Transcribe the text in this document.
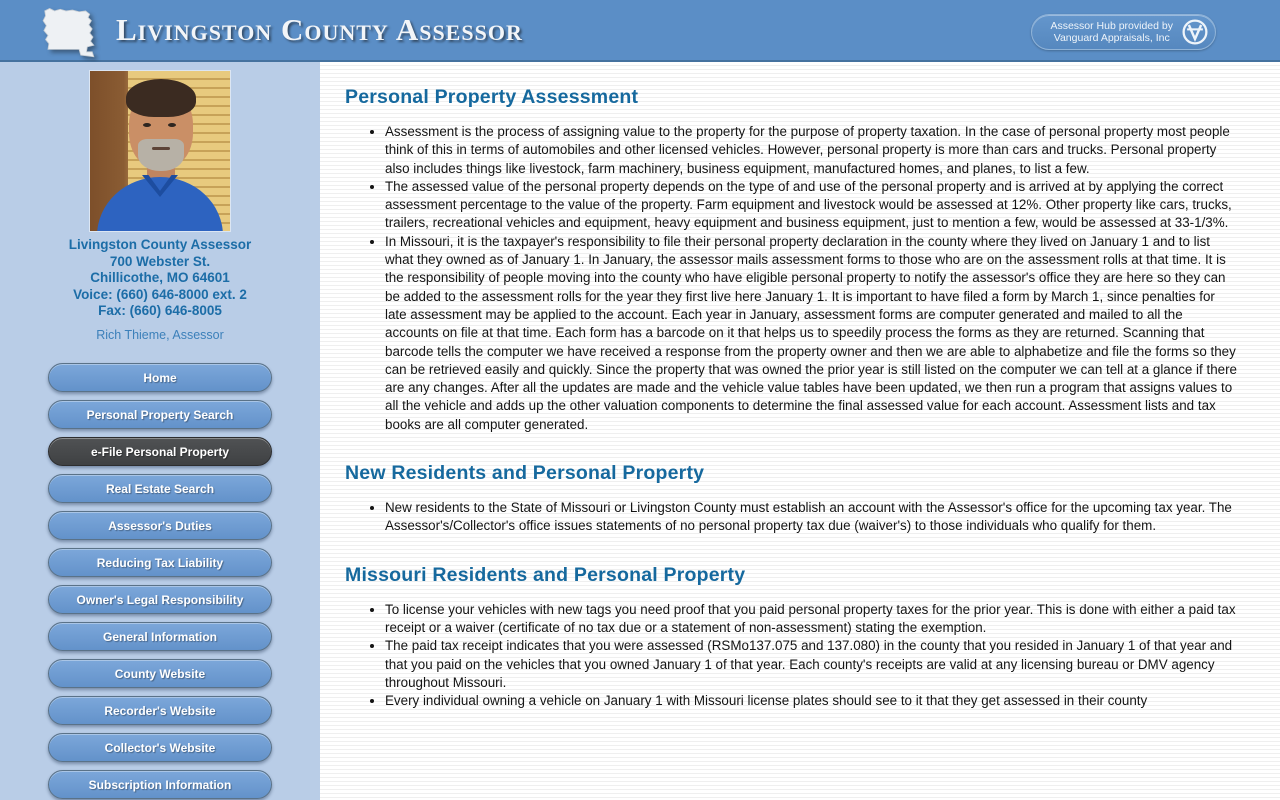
Livingston County Assessor	Assessor Hub provided by
Vanguard Appraisals, Inc
Livingston County Assessor
700 Webster St.
Chillicothe, MO 64601
Voice: (660) 646-8000 ext. 2
Fax: (660) 646-8005
Rich Thieme, Assessor
Home
Personal Property Search
e-File Personal Property
Real Estate Search
Assessor's Duties
Reducing Tax Liability
Owner's Legal Responsibility
General Information
County Website
Recorder's Website
Collector's Website
Subscription Information
Personal Property Assessment
• Assessment is the process of assigning value to the property for the purpose of property taxation. In the case of personal property most people think of this in terms of automobiles and other licensed vehicles. However, personal property is more than cars and trucks. Personal property also includes things like livestock, farm machinery, business equipment, manufactured homes, and planes, to list a few.
• The assessed value of the personal property depends on the type of and use of the personal property and is arrived at by applying the correct assessment percentage to the value of the property. Farm equipment and livestock would be assessed at 12%. Other property like cars, trucks, trailers, recreational vehicles and equipment, heavy equipment and business equipment, just to mention a few, would be assessed at 33-1/3%.
• In Missouri, it is the taxpayer's responsibility to file their personal property declaration in the county where they lived on January 1 and to list what they owned as of January 1. In January, the assessor mails assessment forms to those who are on the assessment rolls at that time. It is the responsibility of people moving into the county who have eligible personal property to notify the assessor's office they are here so they can be added to the assessment rolls for the year they first live here January 1. It is important to have filed a form by March 1, since penalties for late assessment may be applied to the account. Each year in January, assessment forms are computer generated and mailed to all the accounts on file at that time. Each form has a barcode on it that helps us to speedily process the forms as they are returned. Scanning that barcode tells the computer we have received a response from the property owner and then we are able to alphabetize and file the forms so they can be retrieved easily and quickly. Since the property that was owned the prior year is still listed on the computer we can tell at a glance if there are any changes. After all the updates are made and the vehicle value tables have been updated, we then run a program that assigns values to all the vehicle and adds up the other valuation components to determine the final assessed value for each account. Assessment lists and tax books are all computer generated.
New Residents and Personal Property
• New residents to the State of Missouri or Livingston County must establish an account with the Assessor's office for the upcoming tax year. The Assessor's/Collector's office issues statements of no personal property tax due (waiver's) to those individuals who qualify for them.
Missouri Residents and Personal Property
• To license your vehicles with new tags you need proof that you paid personal property taxes for the prior year. This is done with either a paid tax receipt or a waiver (certificate of no tax due or a statement of non-assessment) stating the exemption.
• The paid tax receipt indicates that you were assessed (RSMo137.075 and 137.080) in the county that you resided in January 1 of that year and that you paid on the vehicles that you owned January 1 of that year. Each county's receipts are valid at any licensing bureau or DMV agency throughout Missouri.
• Every individual owning a vehicle on January 1 with Missouri license plates should see to it that they get assessed in their county
